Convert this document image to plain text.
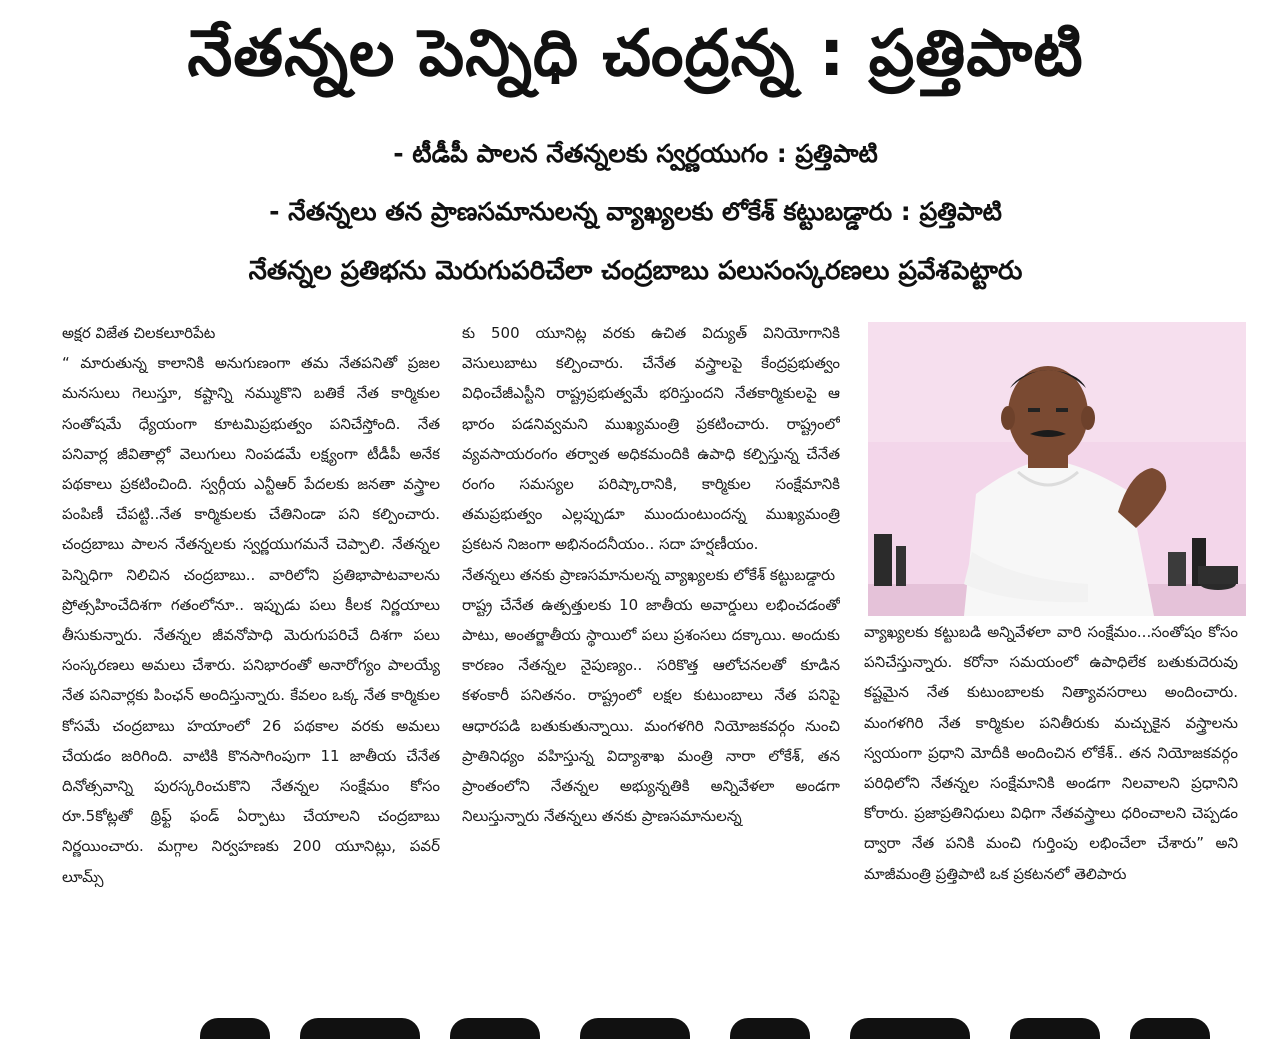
నేతన్నల పెన్నిధి చంద్రన్న : ప్రత్తిపాటి
- టీడీపీ పాలన నేతన్నలకు స్వర్ణయుగం : ప్రత్తిపాటి
- నేతన్నలు తన ప్రాణసమానులన్న వ్యాఖ్యలకు లోకేశ్ కట్టుబడ్డారు : ప్రత్తిపాటి
నేతన్నల ప్రతిభను మెరుగుపరిచేలా చంద్రబాబు పలుసంస్కరణలు ప్రవేశపెట్టారు

అక్షర విజేత చిలకలూరిపేట

“ మారుతున్న కాలానికి అనుగుణంగా తమ నేతపనితో ప్రజల మనసులు గెలుస్తూ, కష్టాన్ని నమ్ముకొని బతికే నేత కార్మికుల సంతోషమే ధ్యేయంగా కూటమిప్రభుత్వం పనిచేస్తోంది. నేత పనివార్ల జీవితాల్లో వెలుగులు నింపడమే లక్ష్యంగా టీడీపీ అనేక పథకాలు ప్రకటించింది. స్వర్గీయ ఎన్టీఆర్ పేదలకు జనతా వస్త్రాల పంపిణీ చేపట్టి..నేత కార్మికులకు చేతినిండా పని కల్పించారు. చంద్రబాబు పాలన నేతన్నలకు స్వర్ణయుగమనే చెప్పాలి. నేతన్నల పెన్నిధిగా నిలిచిన చంద్రబాబు.. వారిలోని ప్రతిభాపాటవాలను ప్రోత్సహించేదిశగా గతంలోనూ.. ఇప్పుడు పలు కీలక నిర్ణయాలు తీసుకున్నారు. నేతన్నల జీవనోపాధి మెరుగుపరిచే దిశగా పలు సంస్కరణలు అమలు చేశారు. పనిభారంతో అనారోగ్యం పాలయ్యే నేత పనివార్లకు పింఛన్ అందిస్తున్నారు. కేవలం ఒక్క నేత కార్మికుల కోసమే చంద్రబాబు హయాంలో 26 పథకాల వరకు అమలు చేయడం జరిగింది. వాటికి కొనసాగింపుగా 11 జాతీయ చేనేత దినోత్సవాన్ని పురస్కరించుకొని నేతన్నల సంక్షేమం కోసం రూ.5కోట్లతో థ్రిఫ్ట్ ఫండ్ ఏర్పాటు చేయాలని చంద్రబాబు నిర్ణయించారు. మగ్గాల నిర్వహణకు 200 యూనిట్లు, పవర్ లూమ్స్

కు 500 యూనిట్ల వరకు ఉచిత విద్యుత్ వినియోగానికి వెసులుబాటు కల్పించారు. చేనేత వస్త్రాలపై కేంద్రప్రభుత్వం విధించేజీఎస్టీని రాష్ట్రప్రభుత్వమే భరిస్తుందని నేతకార్మికులపై ఆ భారం పడనివ్వమని ముఖ్యమంత్రి ప్రకటించారు. రాష్ట్రంలో వ్యవసాయరంగం తర్వాత అధికమందికి ఉపాధి కల్పిస్తున్న చేనేత రంగం సమస్యల పరిష్కారానికి, కార్మికుల సంక్షేమానికి తమప్రభుత్వం ఎల్లప్పుడూ ముందుంటుందన్న ముఖ్యమంత్రి ప్రకటన నిజంగా అభినందనీయం.. సదా హర్షణీయం.

నేతన్నలు తనకు ప్రాణసమానులన్న వ్యాఖ్యలకు లోకేశ్ కట్టుబడ్డారు

రాష్ట్ర చేనేత ఉత్పత్తులకు 10 జాతీయ అవార్డులు లభించడంతో పాటు, అంతర్జాతీయ స్థాయిలో పలు ప్రశంసలు దక్కాయి. అందుకు కారణం నేతన్నల నైపుణ్యం.. సరికొత్త ఆలోచనలతో కూడిన కళంకారీ పనితనం. రాష్ట్రంలో లక్షల కుటుంబాలు నేత పనిపై ఆధారపడి బతుకుతున్నాయి. మంగళగిరి నియోజకవర్గం నుంచి ప్రాతినిధ్యం వహిస్తున్న విద్యాశాఖ మంత్రి నారా లోకేశ్, తన ప్రాంతంలోని నేతన్నల అభ్యున్నతికి అన్నివేళలా అండగా నిలుస్తున్నారు నేతన్నలు తనకు ప్రాణసమానులన్న

వ్యాఖ్యలకు కట్టుబడి అన్నివేళలా వారి సంక్షేమం...సంతోషం కోసం పనిచేస్తున్నారు. కరోనా సమయంలో ఉపాధిలేక బతుకుదెరువు కష్టమైన నేత కుటుంబాలకు నిత్యావసరాలు అందించారు. మంగళగిరి నేత కార్మికుల పనితీరుకు మచ్చుకైన వస్త్రాలను స్వయంగా ప్రధాని మోదీకి అందించిన లోకేశ్.. తన నియోజకవర్గం పరిధిలోని నేతన్నల సంక్షేమానికి అండగా నిలవాలని ప్రధానిని కోరారు. ప్రజాప్రతినిధులు విధిగా నేతవస్త్రాలు ధరించాలని చెప్పడం ద్వారా నేత పనికి మంచి గుర్తింపు లభించేలా చేశారు” అని మాజీమంత్రి ప్రత్తిపాటి ఒక ప్రకటనలో తెలిపారు
